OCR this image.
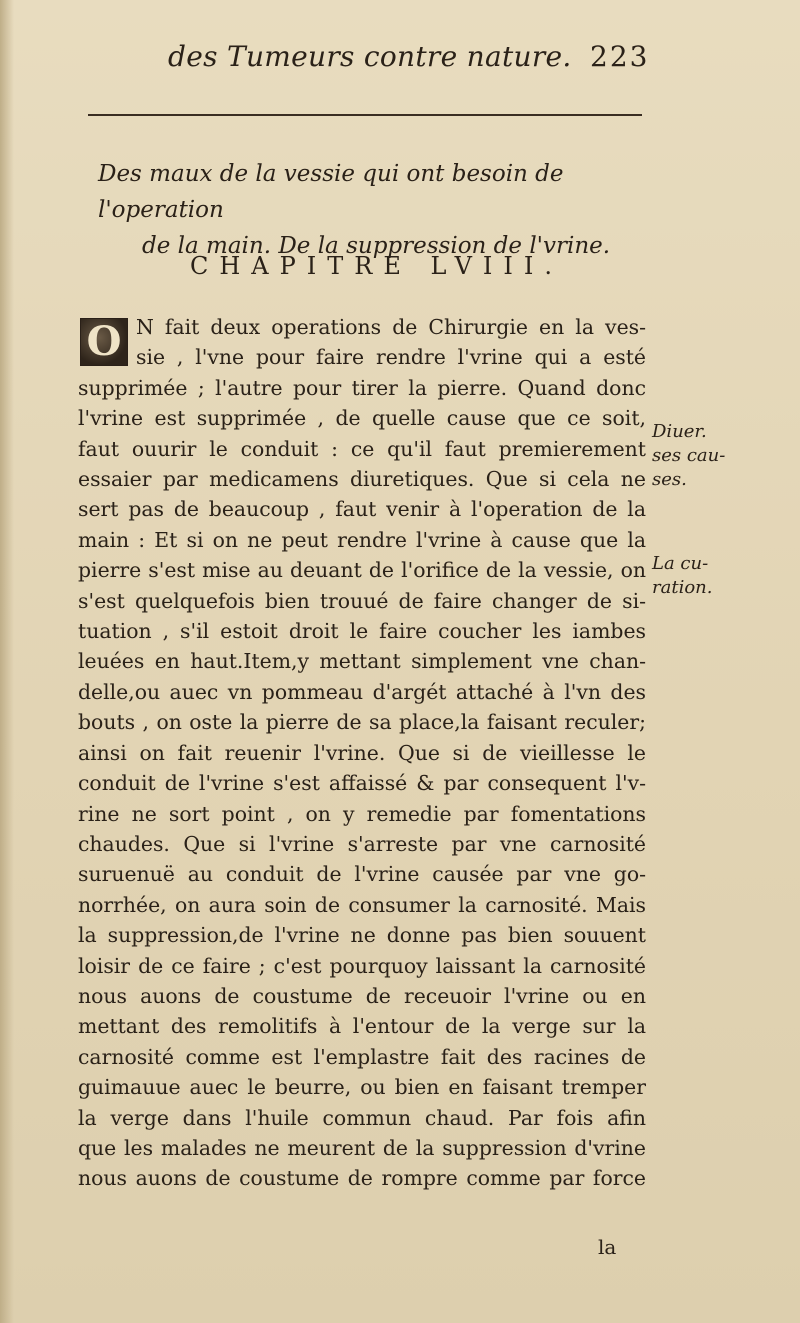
des Tumeurs contre nature. 223
Des maux de la vessie qui ont besoin de l'operation
de la main. De la suppression de l'vrine.
CHAPITRE LVIII.
O N fait deux operations de Chirurgie en la ves-
sie , l'vne pour faire rendre l'vrine qui a esté
supprimée ; l'autre pour tirer la pierre. Quand donc
l'vrine est supprimée , de quelle cause que ce soit,
faut ouurir le conduit : ce qu'il faut premierement
essaier par medicamens diuretiques. Que si cela ne
sert pas de beaucoup , faut venir à l'operation de la
main : Et si on ne peut rendre l'vrine à cause que la
pierre s'est mise au deuant de l'orifice de la vessie, on
s'est quelquefois bien trouué de faire changer de si-
tuation , s'il estoit droit le faire coucher les iambes
leuées en haut.Item,y mettant simplement vne chan-
delle,ou auec vn pommeau d'argét attaché à l'vn des
bouts , on oste la pierre de sa place,la faisant reculer;
ainsi on fait reuenir l'vrine. Que si de vieillesse le
conduit de l'vrine s'est affaissé & par consequent l'v-
rine ne sort point , on y remedie par fomentations
chaudes. Que si l'vrine s'arreste par vne carnosité
suruenuë au conduit de l'vrine causée par vne go-
norrhée, on aura soin de consumer la carnosité. Mais
la suppression,de l'vrine ne donne pas bien souuent
loisir de ce faire ; c'est pourquoy laissant la carnosité
nous auons de coustume de receuoir l'vrine ou en
mettant des remolitifs à l'entour de la verge sur la
carnosité comme est l'emplastre fait des racines de
guimauue auec le beurre, ou bien en faisant tremper
la verge dans l'huile commun chaud. Par fois afin
que les malades ne meurent de la suppression d'vrine
nous auons de coustume de rompre comme par force

Diuer.
ses cau-
ses.
La cu-
ration.
la
